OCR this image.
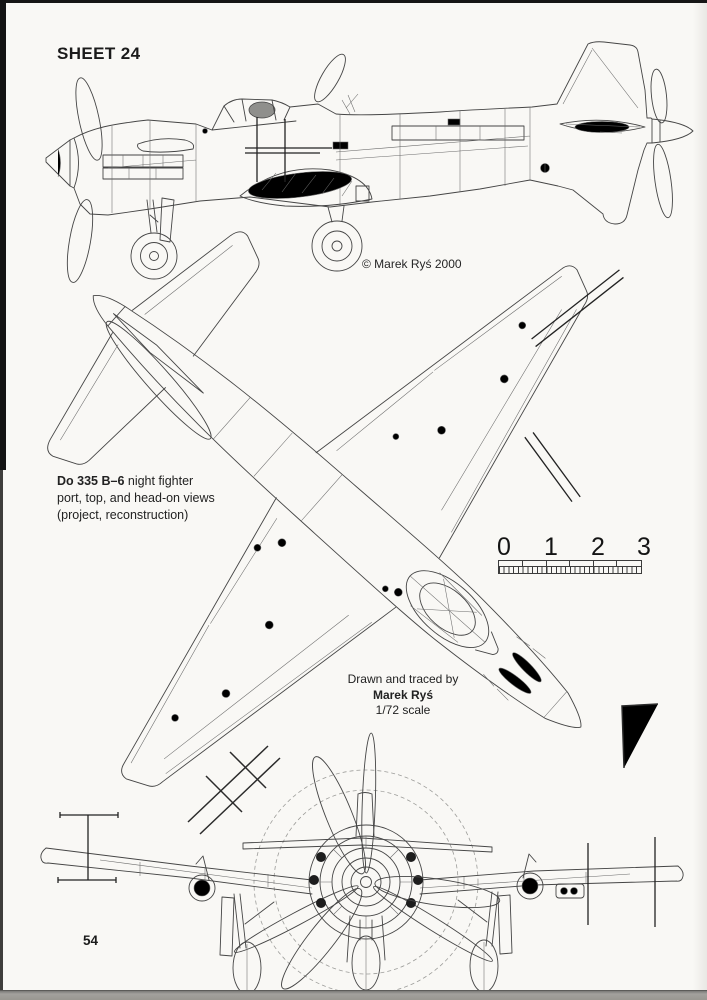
SHEET 24
© Marek Ryś 2000
Do 335 B–6 night fighter
port, top, and head-on views
(project, reconstruction)
0 1 2 3
Drawn and traced by
Marek Ryś
1/72 scale
54
